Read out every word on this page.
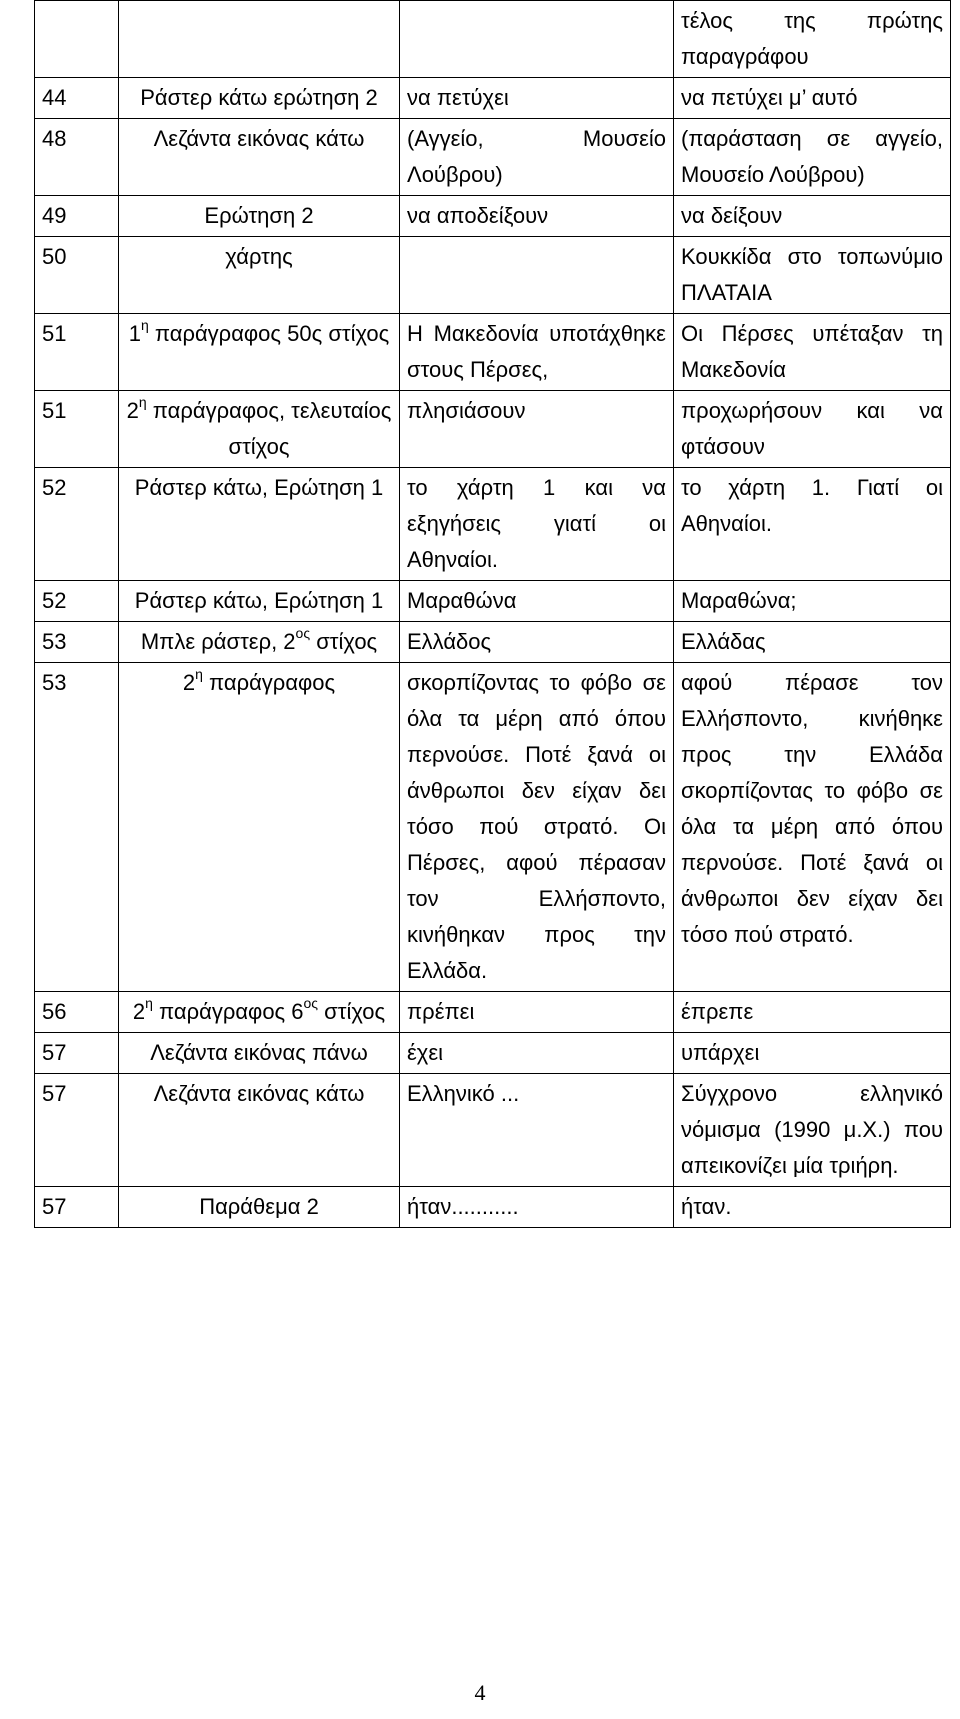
			τέλος της πρώτης παραγράφου
44	Ράστερ κάτω ερώτηση 2	να πετύχει	να πετύχει μ’ αυτό
48	Λεζάντα εικόνας κάτω	(Αγγείο, Μουσείο Λούβρου)	(παράσταση σε αγγείο, Μουσείο Λούβρου)
49	Ερώτηση 2	να αποδείξουν	να δείξουν
50	χάρτης		Κουκκίδα στο τοπωνύμιο ΠΛΑΤΑΙΑ
51	$1^\eta$ παράγραφος 50ς στίχος	Η Μακεδονία υποτάχθηκε στους Πέρσες,	Οι Πέρσες υπέταξαν τη Μακεδονία
51	$2^\eta$ παράγραφος, τελευταίος στίχος	πλησιάσουν	προχωρήσουν και να φτάσουν
52	Ράστερ κάτω, Ερώτηση 1	το χάρτη 1 και να εξηγήσεις γιατί οι Αθηναίοι.	το χάρτη 1. Γιατί οι Αθηναίοι.
52	Ράστερ κάτω, Ερώτηση 1	Μαραθώνα	Μαραθώνα;
53	Μπλε ράστερ, $2^{o\varsigma}$ στίχος	Ελλάδος	Ελλάδας
53	$2^\eta$ παράγραφος	σκορπίζοντας το φόβο σε όλα τα μέρη από όπου περνούσε. Ποτέ ξανά οι άνθρωποι δεν είχαν δει τόσο πού στρατό. Οι Πέρσες, αφού πέρασαν τον Ελλήσποντο, κινήθηκαν προς την Ελλάδα.	αφού πέρασε τον Ελλήσποντο, κινήθηκε προς την Ελλάδα σκορπίζοντας το φόβο σε όλα τα μέρη από όπου περνούσε. Ποτέ ξανά οι άνθρωποι δεν είχαν δει τόσο πού στρατό.
56	$2^\eta$ παράγραφος $6^{o\varsigma}$ στίχος	πρέπει	έπρεπε
57	Λεζάντα εικόνας πάνω	έχει	υπάρχει
57	Λεζάντα εικόνας κάτω	Ελληνικό ...	Σύγχρονο ελληνικό νόμισμα (1990 μ.Χ.) που απεικονίζει μία τριήρη.
57	Παράθεμα 2	ήταν...........	ήταν.
4
